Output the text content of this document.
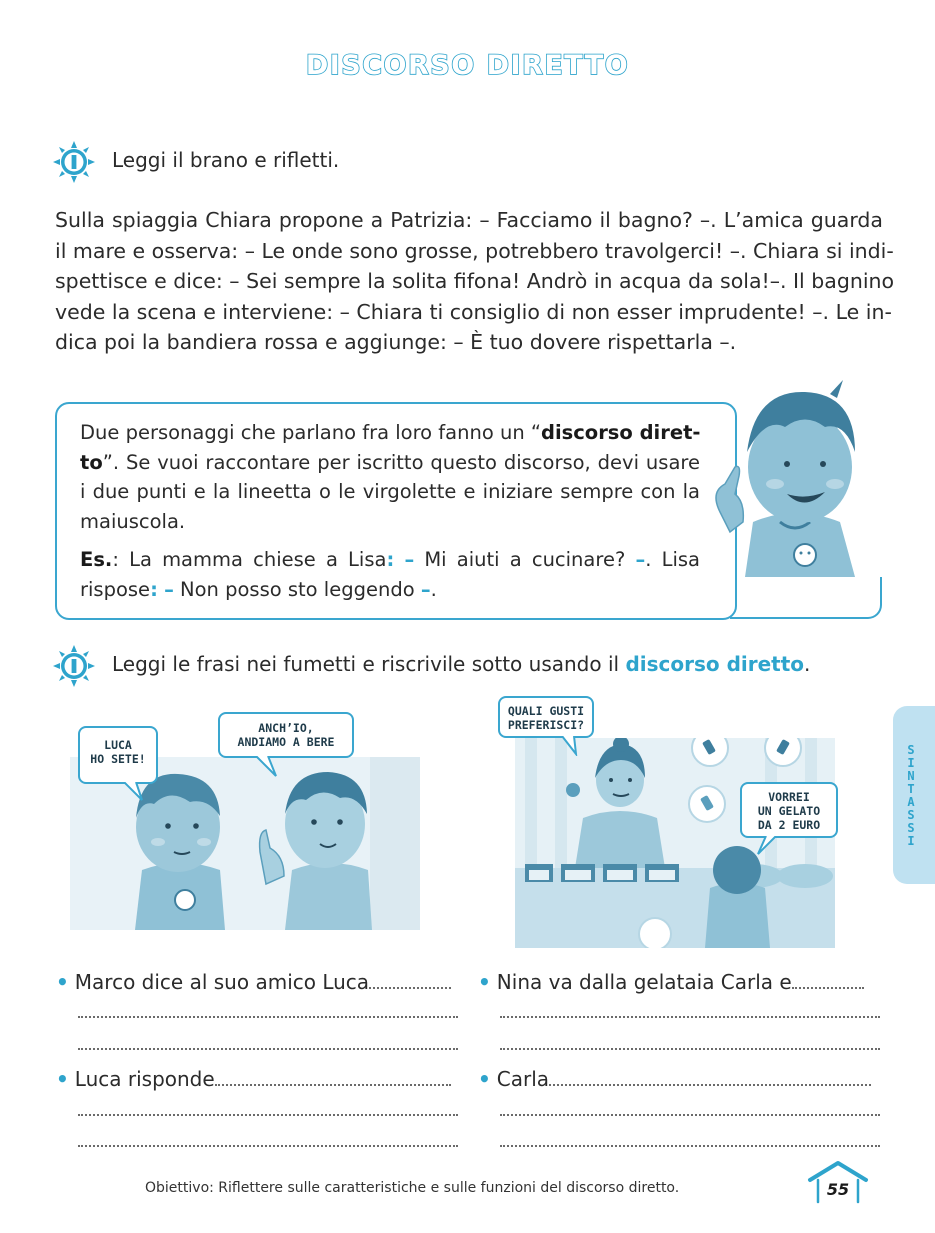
DISCORSO DIRETTO
Leggi il brano e rifletti.
Sulla spiaggia Chiara propone a Patrizia: – Facciamo il bagno? –. L’amica guarda
il mare e osserva: – Le onde sono grosse, potrebbero travolgerci! –. Chiara si indi-
spettisce e dice: – Sei sempre la solita fifona! Andrò in acqua da sola!–. Il bagnino
vede la scena e interviene: – Chiara ti consiglio di non esser imprudente! –. Le in-
dica poi la bandiera rossa e aggiunge: – È tuo dovere rispettarla –.

Due personaggi che parlano fra loro fanno un “discorso diret-
to”. Se vuoi raccontare per iscritto questo discorso, devi usare
i due punti e la lineetta o le virgolette e iniziare sempre con la
maiuscola.

Es.: La mamma chiese a Lisa: – Mi aiuti a cucinare? –. Lisa
rispose: – Non posso sto leggendo –.

Leggi le frasi nei fumetti e riscrivile sotto usando il discorso diretto.
LUCA
HO SETE!
ANCH’IO,
ANDIAMO A BERE
QUALI GUSTI
PREFERISCI?
VORREI
UN GELATO
DA 2 EURO
• Marco dice al suo amico Luca
• Luca risponde
• Nina va dalla gelataia Carla e
• Carla
SINTASSI
Obiettivo: Riflettere sulle caratteristiche e sulle funzioni del discorso diretto.	55
